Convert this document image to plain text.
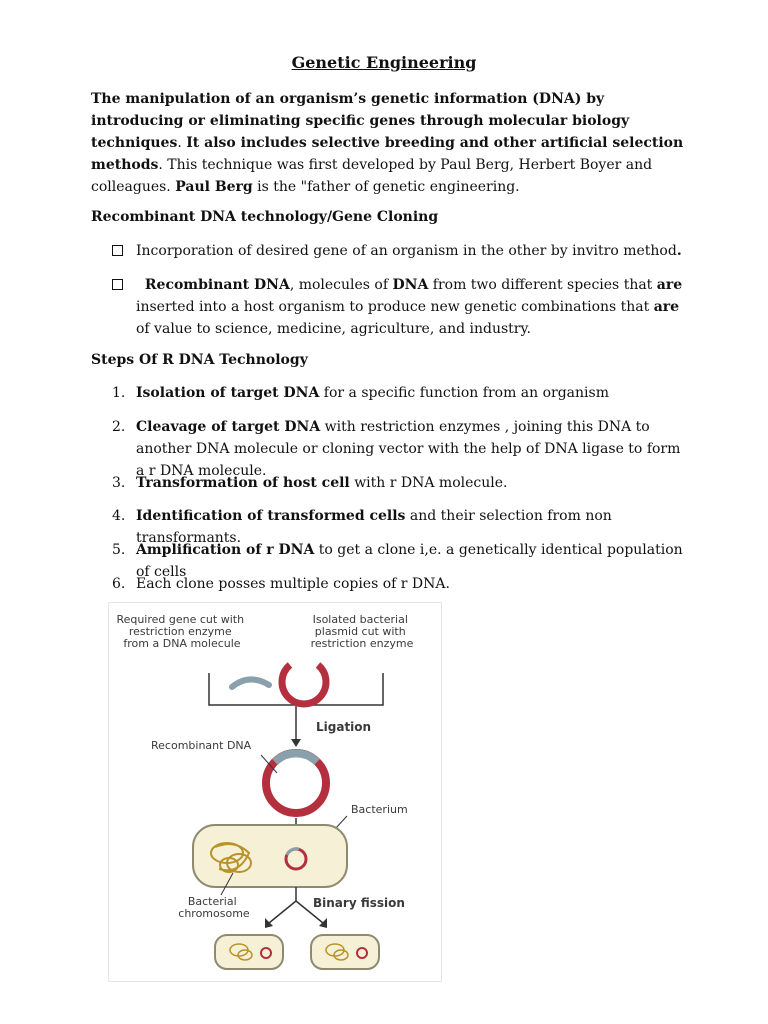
Genetic Engineering
The manipulation of an organism’s genetic information (DNA) by introducing or eliminating specific genes through molecular biology techniques. It also includes selective breeding and other artificial selection methods. This technique was first developed by Paul Berg, Herbert Boyer and colleagues. Paul Berg is the "father of genetic engineering.
Recombinant DNA technology/Gene Cloning
Incorporation of desired gene of an organism in the other by invitro method.
Recombinant DNA, molecules of DNA from two different species that are inserted into a host organism to produce new genetic combinations that are of value to science, medicine, agriculture, and industry.
Steps Of R DNA Technology
1. Isolation of target DNA for a specific function from an organism
2. Cleavage of target DNA with restriction enzymes , joining this DNA to another DNA molecule or cloning vector with the help of DNA ligase to form a r DNA molecule.
3. Transformation of host cell with r DNA molecule.
4. Identification of transformed cells and their selection from non transformants.
5. Amplification of r DNA to get a clone i,e. a genetically identical population of cells
6. Each clone posses multiple copies of r DNA.
Required gene cut with restriction enzyme from a DNA molecule
Isolated bacterial plasmid cut with restriction enzyme
Ligation
Recombinant DNA
Bacterium
Bacterial chromosome
Binary fission
